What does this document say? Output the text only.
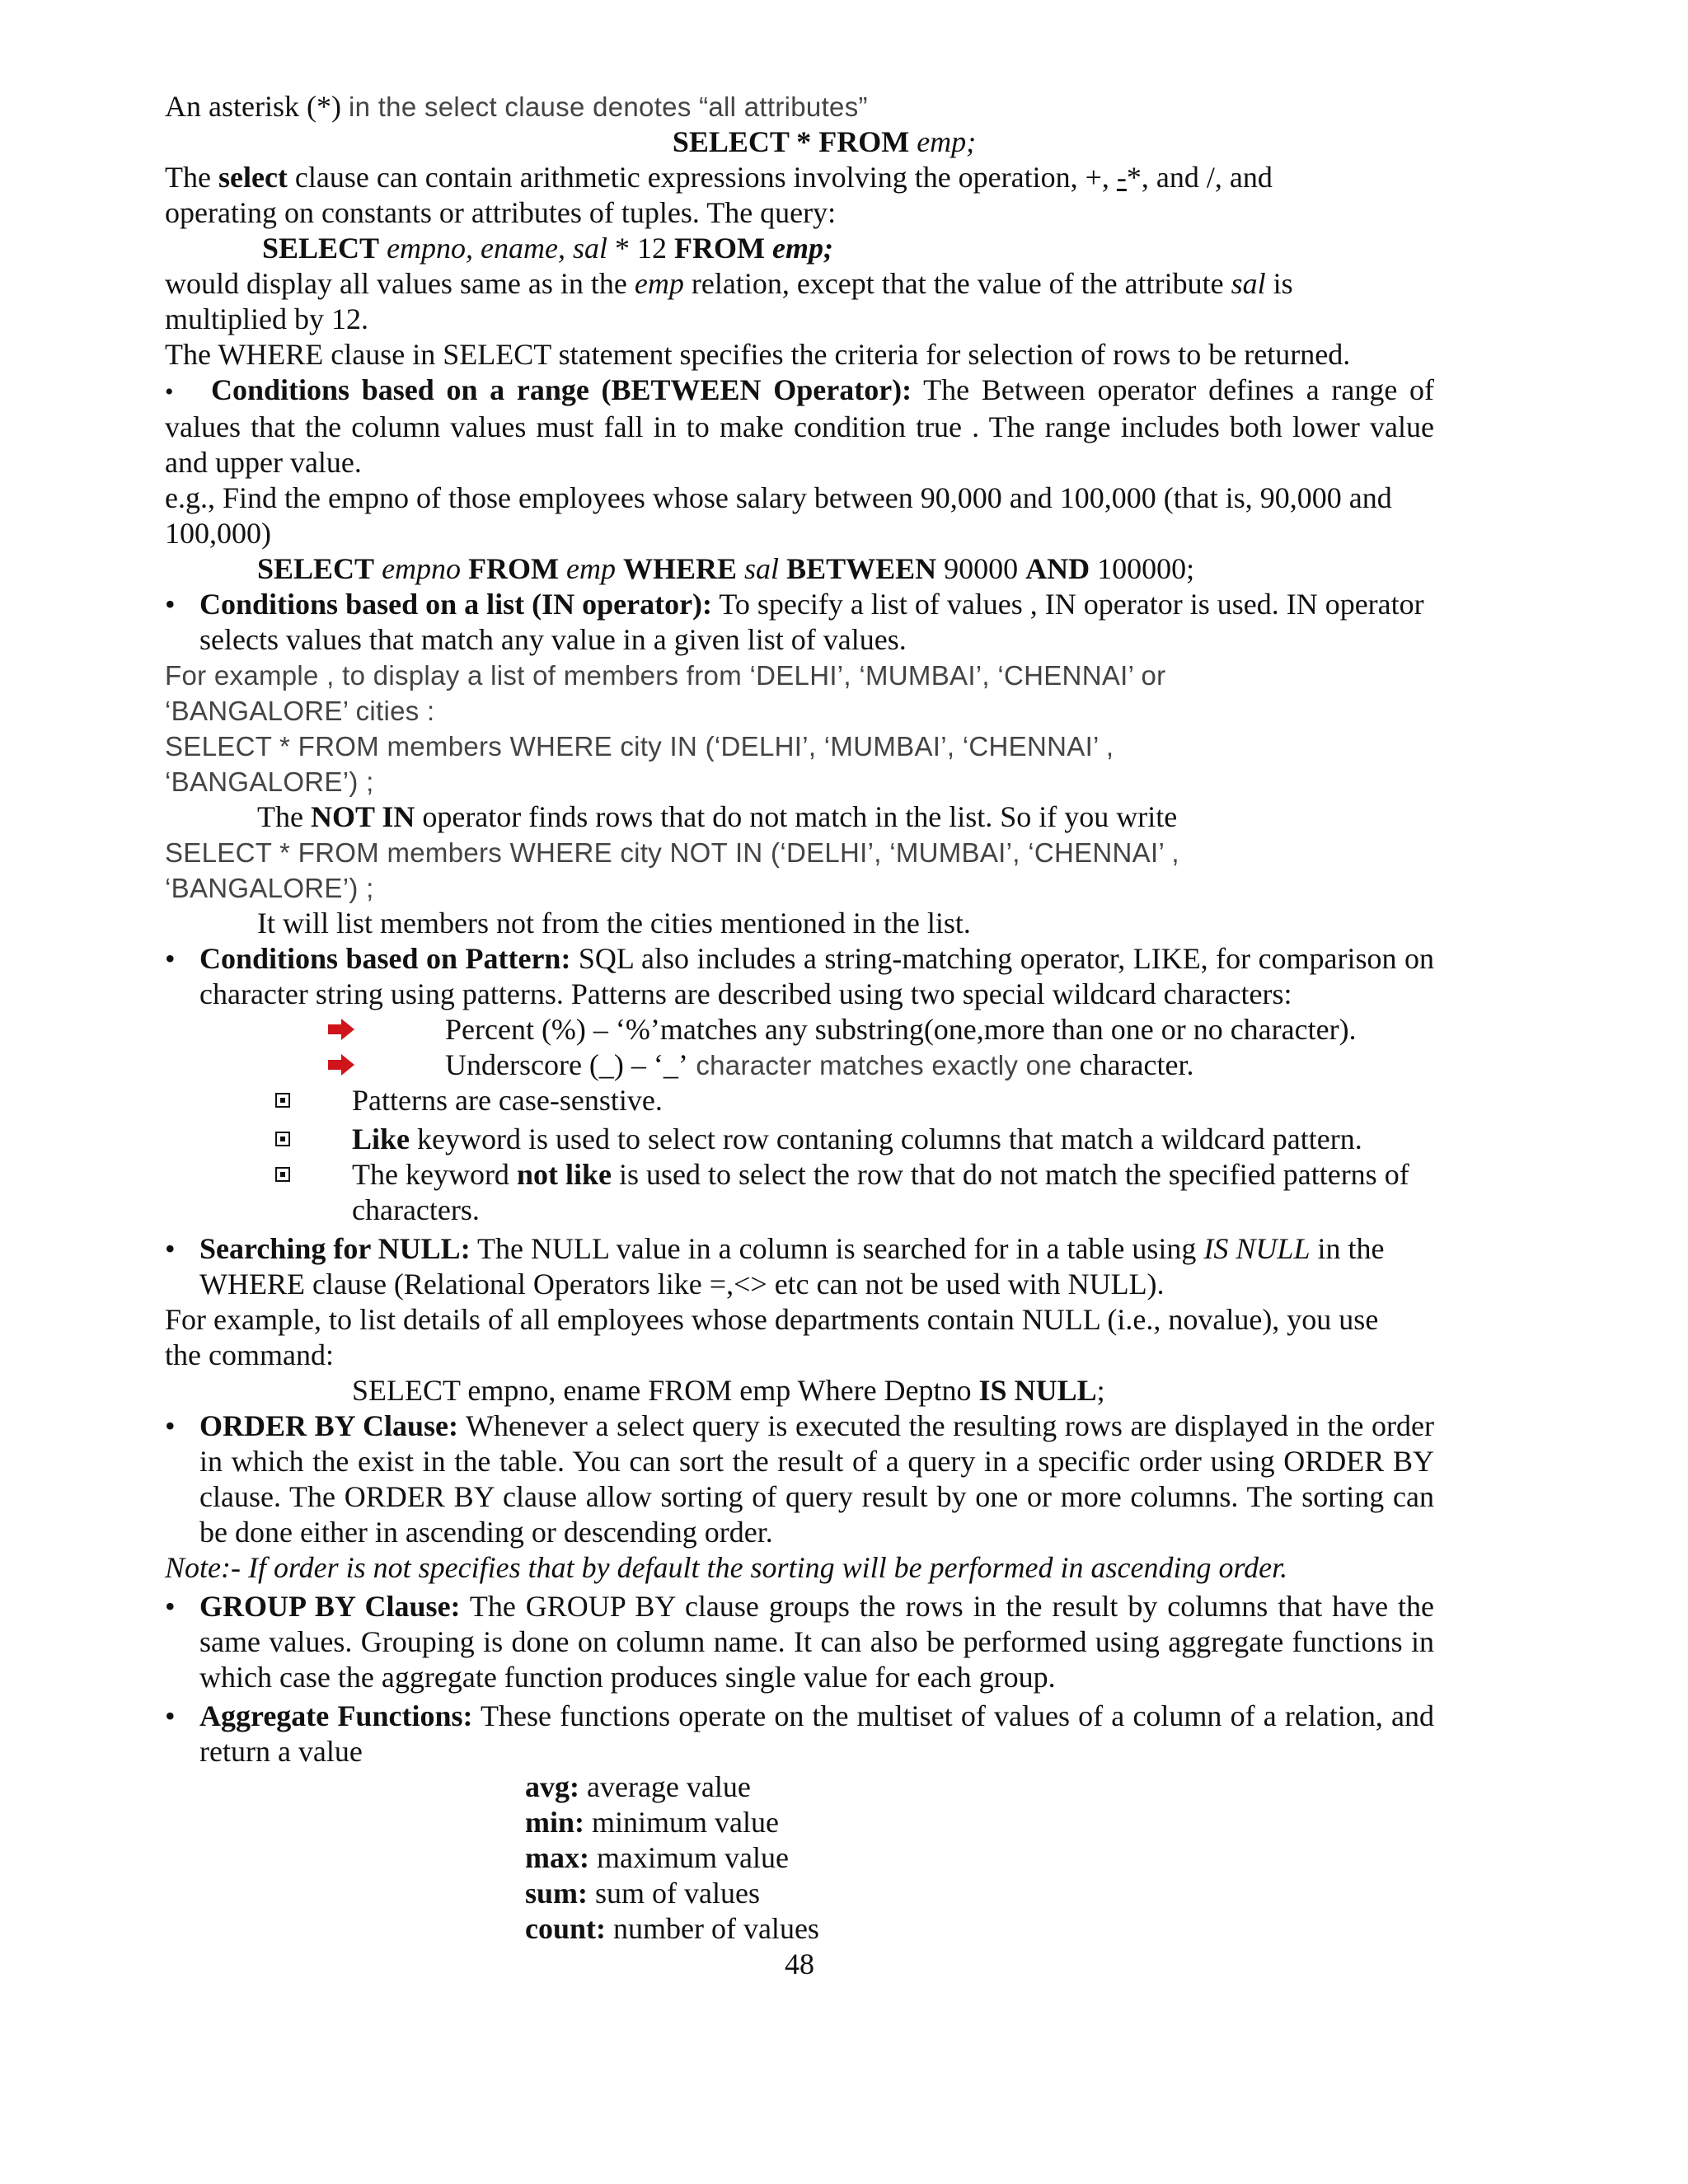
An asterisk (*) in the select clause denotes “all attributes”

SELECT * FROM emp;

The select clause can contain arithmetic expressions involving the operation, +, -*, and /, and

operating on constants or attributes of tuples. The query:

SELECT empno, ename, sal * 12 FROM emp;

would display all values same as in the emp relation, except that the value of the attribute sal is

multiplied by 12.

The WHERE clause in SELECT statement specifies the criteria for selection of rows to be returned.

• Conditions based on a range (BETWEEN Operator): The Between operator defines a range of values that the column values must fall in to make condition true . The range includes both lower value and upper value.

e.g., Find the empno of those employees whose salary between 90,000 and 100,000 (that is, 90,000 and 100,000)

SELECT empno FROM emp WHERE sal BETWEEN 90000 AND 100000;

• Conditions based on a list (IN operator): To specify a list of values , IN operator is used. IN operator selects values that match any value in a given list of values.

For example , to display a list of members from ‘DELHI’, ‘MUMBAI’, ‘CHENNAI’ or

‘BANGALORE’ cities :

SELECT * FROM members WHERE city IN (‘DELHI’, ‘MUMBAI’, ‘CHENNAI’ ,

‘BANGALORE’) ;

The NOT IN operator finds rows that do not match in the list. So if you write

SELECT * FROM members WHERE city NOT IN (‘DELHI’, ‘MUMBAI’, ‘CHENNAI’ ,

‘BANGALORE’) ;

It will list members not from the cities mentioned in the list.

• Conditions based on Pattern: SQL also includes a string-matching operator, LIKE, for comparison on character string using patterns. Patterns are described using two special wildcard characters:
Percent (%) – ‘%’matches any substring(one,more than one or no character).
Underscore (_) – ‘_’ character matches exactly one character.
Patterns are case-senstive.
Like keyword is used to select row contaning columns that match a wildcard pattern.
The keyword not like is used to select the row that do not match the specified patterns of characters.
• Searching for NULL: The NULL value in a column is searched for in a table using IS NULL in the WHERE clause (Relational Operators like =,<> etc can not be used with NULL).

For example, to list details of all employees whose departments contain NULL (i.e., novalue), you use the command:

SELECT empno, ename FROM emp Where Deptno IS NULL;

• ORDER BY Clause: Whenever a select query is executed the resulting rows are displayed in the order in which the exist in the table. You can sort the result of a query in a specific order using ORDER BY clause. The ORDER BY clause allow sorting of query result by one or more columns. The sorting can be done either in ascending or descending order.

Note:- If order is not specifies that by default the sorting will be performed in ascending order.

• GROUP BY Clause: The GROUP BY clause groups the rows in the result by columns that have the same values. Grouping is done on column name. It can also be performed using aggregate functions in which case the aggregate function produces single value for each group.
• Aggregate Functions: These functions operate on the multiset of values of a column of a relation, and return a value

avg: average value

min: minimum value

max: maximum value

sum: sum of values

count: number of values

48
